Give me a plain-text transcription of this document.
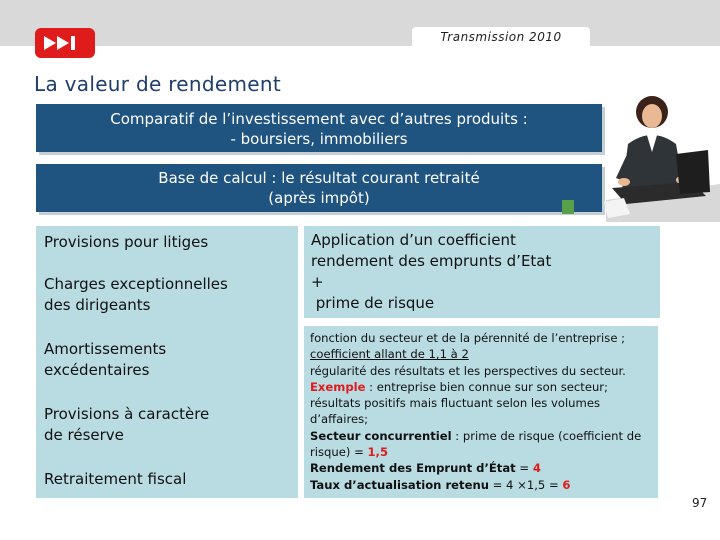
Transmission 2010
La valeur de rendement
Comparatif de l’investissement avec d’autres produits :
- boursiers, immobiliers
Base de calcul : le résultat courant retraité
(après impôt)
Provisions pour litiges
Charges exceptionnelles
des dirigeants
Amortissements
excédentaires
Provisions à caractère
de réserve
Retraitement fiscal
Application d’un coefficient
rendement des emprunts d’Etat
+
prime de risque
fonction du secteur et de la pérennité de l’entreprise ;
coefficient allant de 1,1 à 2
régularité des résultats et les perspectives du secteur.
Exemple : entreprise bien connue sur son secteur;
résultats positifs mais fluctuant selon les volumes
d’affaires;
Secteur concurrentiel : prime de risque (coefficient de
risque) = 1,5
Rendement des Emprunt d’État = 4
Taux d’actualisation retenu = 4 ×1,5 = 6
97
